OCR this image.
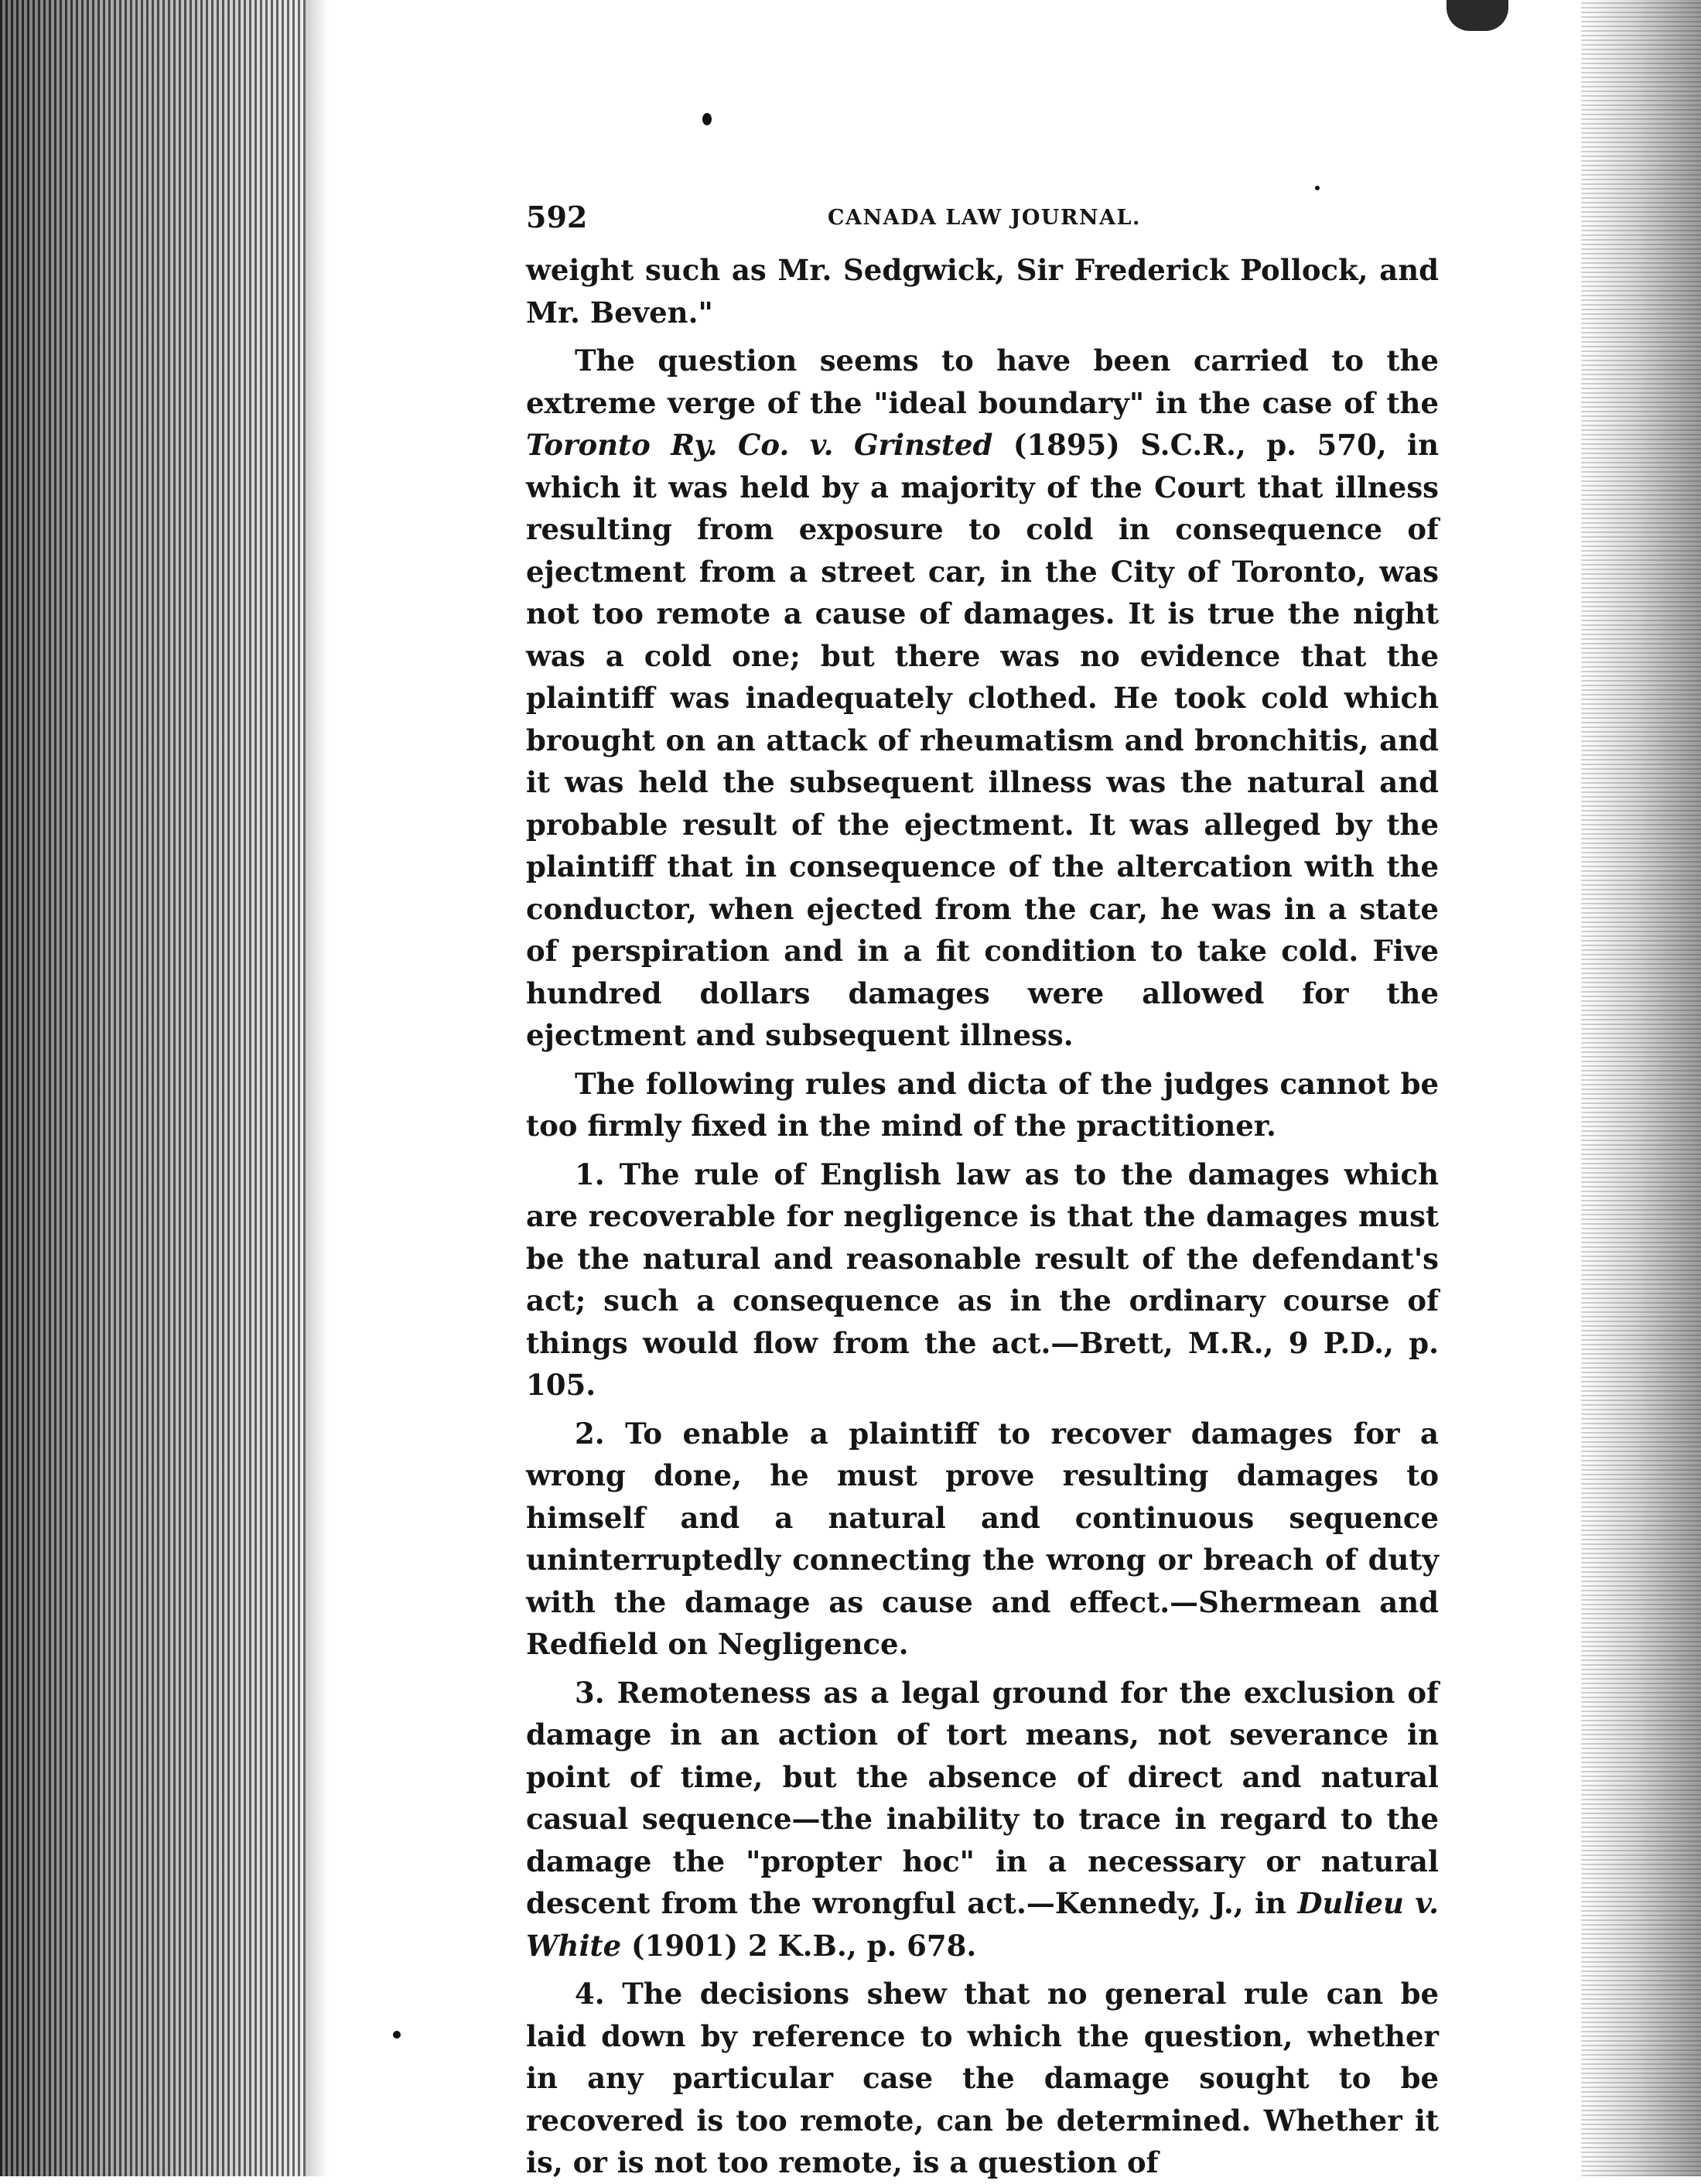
592	CANADA LAW JOURNAL.

weight such as Mr. Sedgwick, Sir Frederick Pollock, and Mr. Beven."

The question seems to have been carried to the extreme verge of the "ideal boundary" in the case of the Toronto Ry. Co. v. Grinsted (1895) S.C.R., p. 570, in which it was held by a majority of the Court that illness resulting from exposure to cold in consequence of ejectment from a street car, in the City of Toronto, was not too remote a cause of damages. It is true the night was a cold one; but there was no evidence that the plaintiff was inadequately clothed. He took cold which brought on an attack of rheumatism and bronchitis, and it was held the subsequent illness was the natural and probable result of the ejectment. It was alleged by the plaintiff that in consequence of the altercation with the conductor, when ejected from the car, he was in a state of perspiration and in a fit condition to take cold. Five hundred dollars damages were allowed for the ejectment and subsequent illness.

The following rules and dicta of the judges cannot be too firmly fixed in the mind of the practitioner.

1. The rule of English law as to the damages which are recoverable for negligence is that the damages must be the natural and reasonable result of the defendant's act; such a consequence as in the ordinary course of things would flow from the act.—Brett, M.R., 9 P.D., p. 105.

2. To enable a plaintiff to recover damages for a wrong done, he must prove resulting damages to himself and a natural and continuous sequence uninterruptedly connecting the wrong or breach of duty with the damage as cause and effect.—Shermean and Redfield on Negligence.

3. Remoteness as a legal ground for the exclusion of damage in an action of tort means, not severance in point of time, but the absence of direct and natural casual sequence—the inability to trace in regard to the damage the "propter hoc" in a necessary or natural descent from the wrongful act.—Kennedy, J., in Dulieu v. White (1901) 2 K.B., p. 678.

4. The decisions shew that no general rule can be laid down by reference to which the question, whether in any particular case the damage sought to be recovered is too remote, can be determined. Whether it is, or is not too remote, is a question of
